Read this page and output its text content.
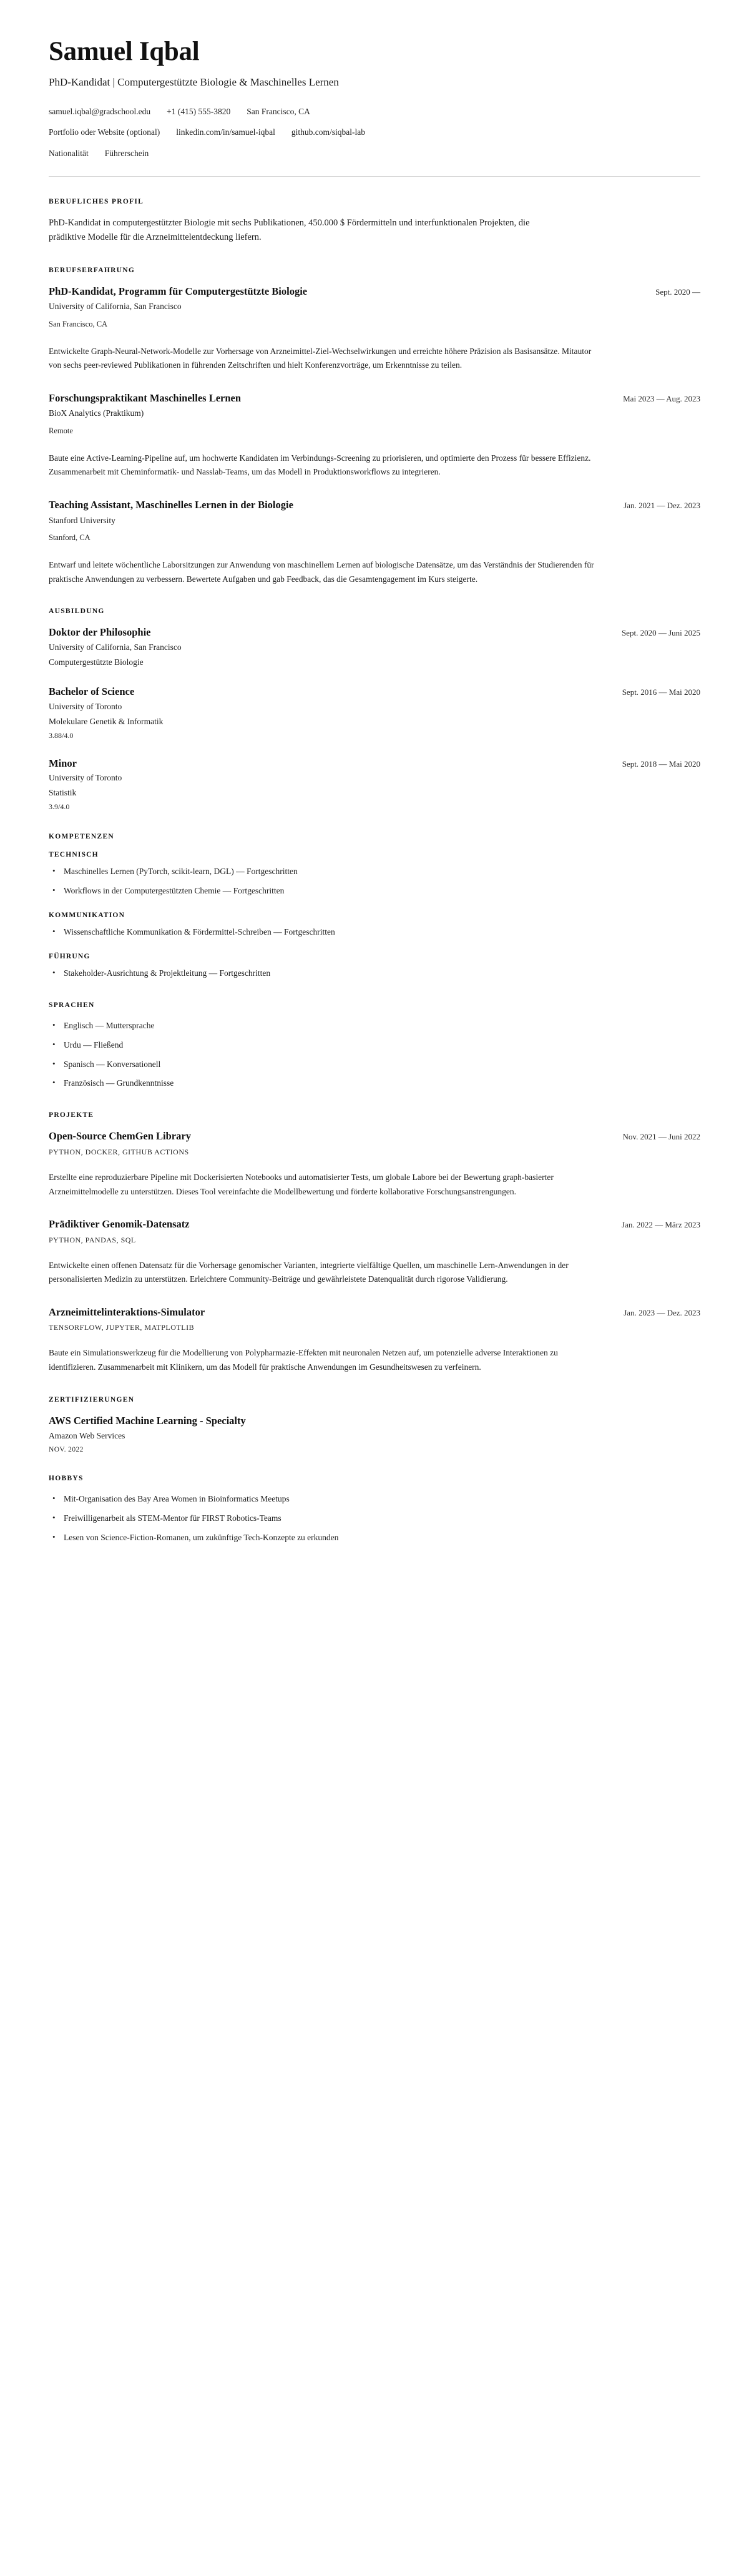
Samuel Iqbal
PhD-Kandidat | Computergestützte Biologie & Maschinelles Lernen
samuel.iqbal@gradschool.edu +1 (415) 555-3820 San Francisco, CA
Portfolio oder Website (optional) linkedin.com/in/samuel-iqbal github.com/siqbal-lab
Nationalität Führerschein
BERUFLICHES PROFIL

PhD-Kandidat in computergestützter Biologie mit sechs Publikationen, 450.000 $ Fördermitteln und interfunktionalen Projekten, die prädiktive Modelle für die Arzneimittelentdeckung liefern.

BERUFSERFAHRUNG
PhD-Kandidat, Programm für Computergestützte Biologie	Sept. 2020 —

University of California, San Francisco

San Francisco, CA

Entwickelte Graph-Neural-Network-Modelle zur Vorhersage von Arzneimittel-Ziel-Wechselwirkungen und erreichte höhere Präzision als Basisansätze. Mitautor von sechs peer-reviewed Publikationen in führenden Zeitschriften und hielt Konferenzvorträge, um Erkenntnisse zu teilen.

Forschungspraktikant Maschinelles Lernen	Mai 2023 — Aug. 2023

BioX Analytics (Praktikum)

Remote

Baute eine Active-Learning-Pipeline auf, um hochwerte Kandidaten im Verbindungs-Screening zu priorisieren, und optimierte den Prozess für bessere Effizienz. Zusammenarbeit mit Cheminformatik- und Nasslab-Teams, um das Modell in Produktionsworkflows zu integrieren.

Teaching Assistant, Maschinelles Lernen in der Biologie	Jan. 2021 — Dez. 2023

Stanford University

Stanford, CA

Entwarf und leitete wöchentliche Laborsitzungen zur Anwendung von maschinellem Lernen auf biologische Datensätze, um das Verständnis der Studierenden für praktische Anwendungen zu verbessern. Bewertete Aufgaben und gab Feedback, das die Gesamtengagement im Kurs steigerte.

AUSBILDUNG
Doktor der Philosophie	Sept. 2020 — Juni 2025

University of California, San Francisco

Computergestützte Biologie

Bachelor of Science	Sept. 2016 — Mai 2020

University of Toronto

Molekulare Genetik & Informatik

3.88/4.0

Minor	Sept. 2018 — Mai 2020

University of Toronto

Statistik

3.9/4.0

KOMPETENZEN
TECHNISCH
• Maschinelles Lernen (PyTorch, scikit-learn, DGL) — Fortgeschritten
• Workflows in der Computergestützten Chemie — Fortgeschritten
KOMMUNIKATION
• Wissenschaftliche Kommunikation & Fördermittel-Schreiben — Fortgeschritten
FÜHRUNG
• Stakeholder-Ausrichtung & Projektleitung — Fortgeschritten
SPRACHEN
• Englisch — Muttersprache
• Urdu — Fließend
• Spanisch — Konversationell
• Französisch — Grundkenntnisse
PROJEKTE
Open-Source ChemGen Library	Nov. 2021 — Juni 2022

PYTHON, DOCKER, GITHUB ACTIONS

Erstellte eine reproduzierbare Pipeline mit Dockerisierten Notebooks und automatisierter Tests, um globale Labore bei der Bewertung graph-basierter Arzneimittelmodelle zu unterstützen. Dieses Tool vereinfachte die Modellbewertung und förderte kollaborative Forschungsanstrengungen.

Prädiktiver Genomik-Datensatz	Jan. 2022 — März 2023

PYTHON, PANDAS, SQL

Entwickelte einen offenen Datensatz für die Vorhersage genomischer Varianten, integrierte vielfältige Quellen, um maschinelle Lern-Anwendungen in der personalisierten Medizin zu unterstützen. Erleichtere Community-Beiträge und gewährleistete Datenqualität durch rigorose Validierung.

Arzneimittelinteraktions-Simulator	Jan. 2023 — Dez. 2023

TENSORFLOW, JUPYTER, MATPLOTLIB

Baute ein Simulationswerkzeug für die Modellierung von Polypharmazie-Effekten mit neuronalen Netzen auf, um potenzielle adverse Interaktionen zu identifizieren. Zusammenarbeit mit Klinikern, um das Modell für praktische Anwendungen im Gesundheitswesen zu verfeinern.

ZERTIFIZIERUNGEN
AWS Certified Machine Learning - Specialty

Amazon Web Services

NOV. 2022

HOBBYS
• Mit-Organisation des Bay Area Women in Bioinformatics Meetups
• Freiwilligenarbeit als STEM-Mentor für FIRST Robotics-Teams
• Lesen von Science-Fiction-Romanen, um zukünftige Tech-Konzepte zu erkunden
